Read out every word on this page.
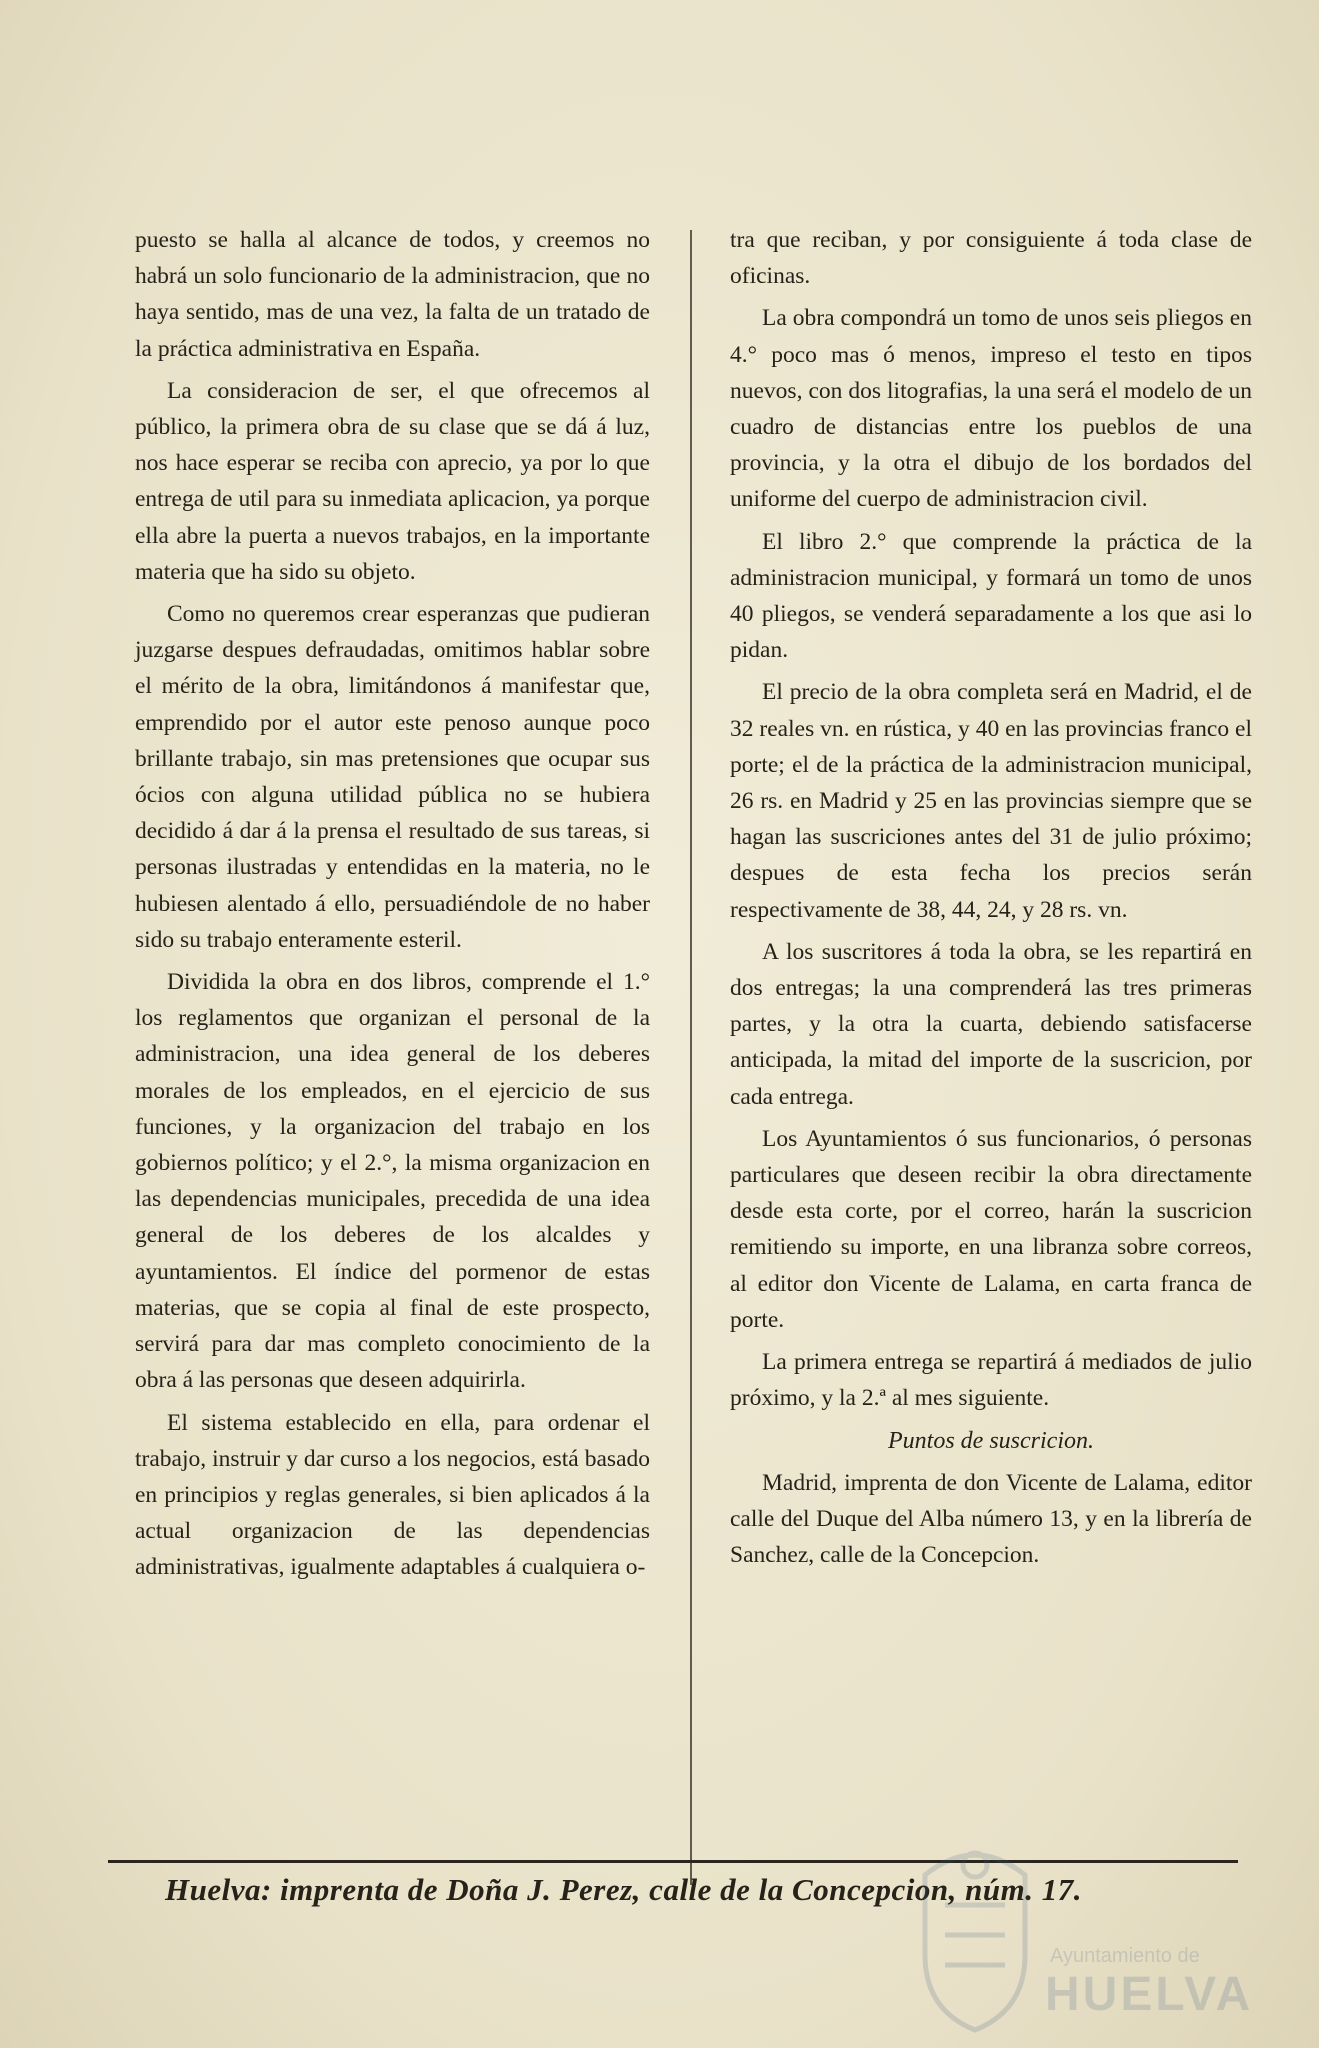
puesto se halla al alcance de todos, y creemos no habrá un solo funcionario de la administracion, que no haya sentido, mas de una vez, la falta de un tratado de la práctica administrativa en España.

La consideracion de ser, el que ofrecemos al público, la primera obra de su clase que se dá á luz, nos hace esperar se reciba con aprecio, ya por lo que entrega de util para su inmediata aplicacion, ya porque ella abre la puerta a nuevos trabajos, en la importante materia que ha sido su objeto.

Como no queremos crear esperanzas que pudieran juzgarse despues defraudadas, omitimos hablar sobre el mérito de la obra, limitándonos á manifestar que, emprendido por el autor este penoso aunque poco brillante trabajo, sin mas pretensiones que ocupar sus ócios con alguna utilidad pública no se hubiera decidido á dar á la prensa el resultado de sus tareas, si personas ilustradas y entendidas en la materia, no le hubiesen alentado á ello, persuadiéndole de no haber sido su trabajo enteramente esteril.

Dividida la obra en dos libros, comprende el 1.° los reglamentos que organizan el personal de la administracion, una idea general de los deberes morales de los empleados, en el ejercicio de sus funciones, y la organizacion del trabajo en los gobiernos político; y el 2.°, la misma organizacion en las dependencias municipales, precedida de una idea general de los deberes de los alcaldes y ayuntamientos. El índice del pormenor de estas materias, que se copia al final de este prospecto, servirá para dar mas completo conocimiento de la obra á las personas que deseen adquirirla.

El sistema establecido en ella, para ordenar el trabajo, instruir y dar curso a los negocios, está basado en principios y reglas generales, si bien aplicados á la actual organizacion de las dependencias administrativas, igualmente adaptables á cualquiera o-

tra que reciban, y por consiguiente á toda clase de oficinas.

La obra compondrá un tomo de unos seis pliegos en 4.° poco mas ó menos, impreso el testo en tipos nuevos, con dos litografias, la una será el modelo de un cuadro de distancias entre los pueblos de una provincia, y la otra el dibujo de los bordados del uniforme del cuerpo de administracion civil.

El libro 2.° que comprende la práctica de la administracion municipal, y formará un tomo de unos 40 pliegos, se venderá separadamente a los que asi lo pidan.

El precio de la obra completa será en Madrid, el de 32 reales vn. en rústica, y 40 en las provincias franco el porte; el de la práctica de la administracion municipal, 26 rs. en Madrid y 25 en las provincias siempre que se hagan las suscriciones antes del 31 de julio próximo; despues de esta fecha los precios serán respectivamente de 38, 44, 24, y 28 rs. vn.

A los suscritores á toda la obra, se les repartirá en dos entregas; la una comprenderá las tres primeras partes, y la otra la cuarta, debiendo satisfacerse anticipada, la mitad del importe de la suscricion, por cada entrega.

Los Ayuntamientos ó sus funcionarios, ó personas particulares que deseen recibir la obra directamente desde esta corte, por el correo, harán la suscricion remitiendo su importe, en una libranza sobre correos, al editor don Vicente de Lalama, en carta franca de porte.

La primera entrega se repartirá á mediados de julio próximo, y la 2.ª al mes siguiente.

Puntos de suscricion.

Madrid, imprenta de don Vicente de Lalama, editor calle del Duque del Alba número 13, y en la librería de Sanchez, calle de la Concepcion.

Huelva: imprenta de Doña J. Perez, calle de la Concepcion, núm. 17.
Ayuntamiento de
HUELVA
